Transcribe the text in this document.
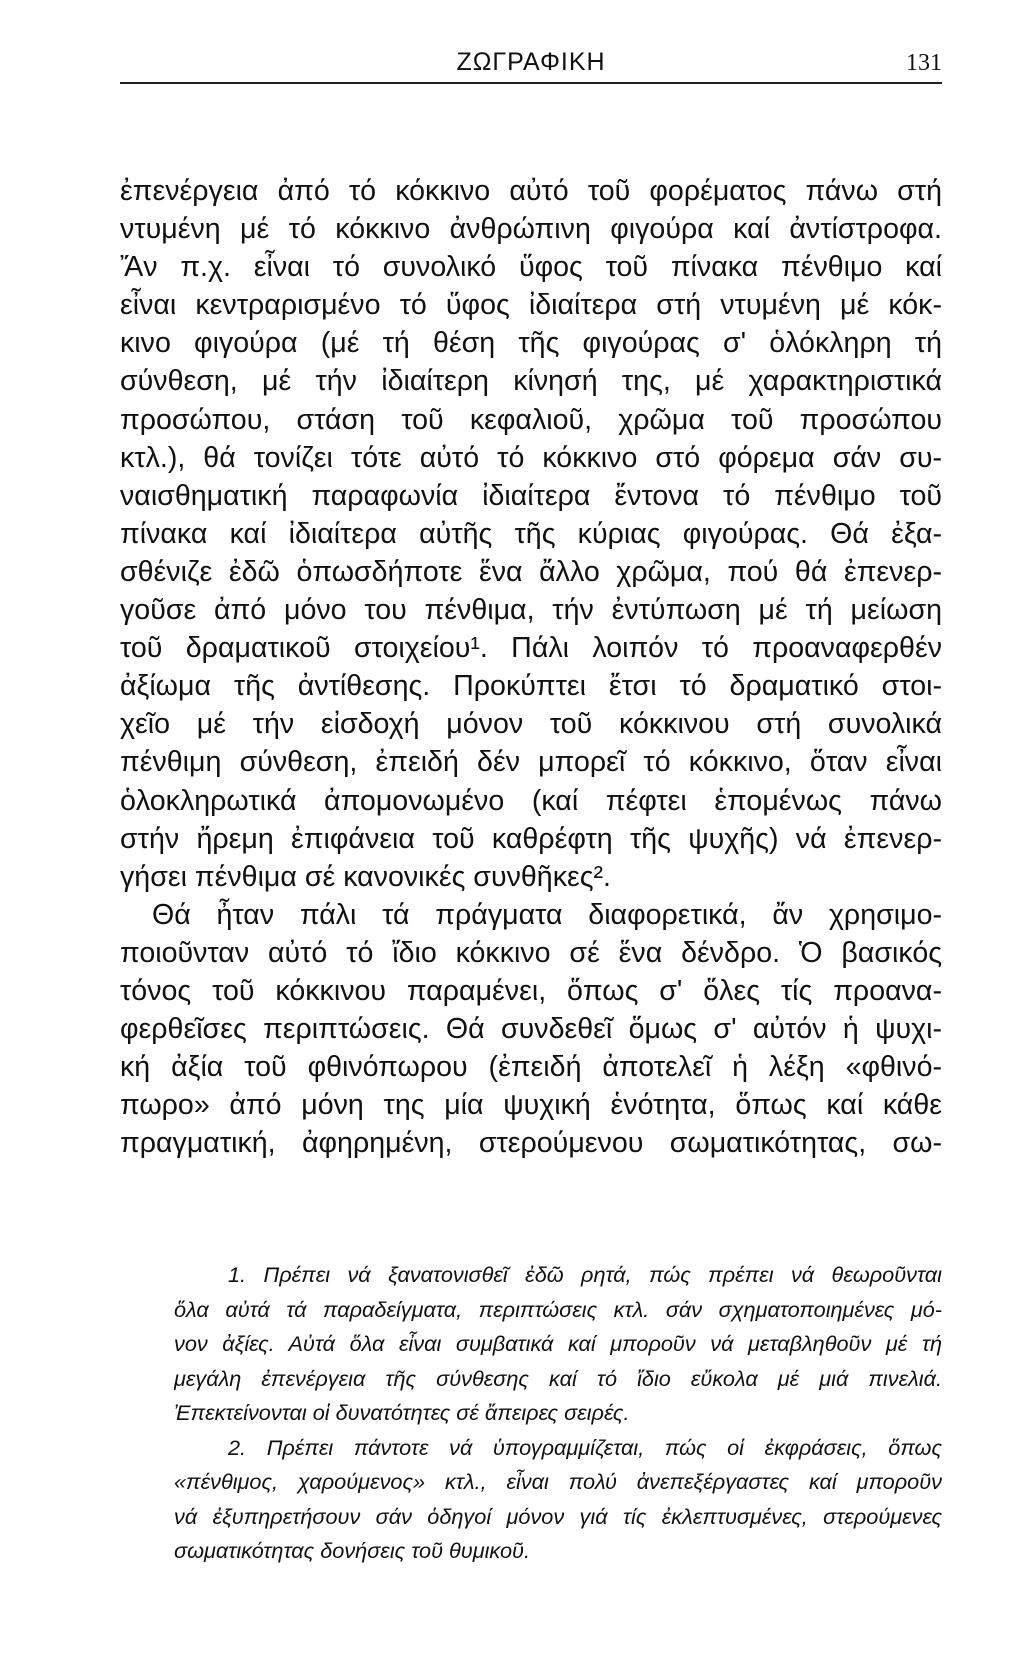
ΖΩΓΡΑΦΙΚΗ	131
ἐπενέργεια ἀπό τό κόκκινο αὐτό τοῦ φορέματος πάνω στή
ντυμένη μέ τό κόκκινο ἀνθρώπινη φιγούρα καί ἀντίστροφα.
Ἄν π.χ. εἶναι τό συνολικό ὕφος τοῦ πίνακα πένθιμο καί
εἶναι κεντραρισμένο τό ὕφος ἰδιαίτερα στή ντυμένη μέ κόκ-
κινο φιγούρα (μέ τή θέση τῆς φιγούρας σ' ὁλόκληρη τή
σύνθεση, μέ τήν ἰδιαίτερη κίνησή της, μέ χαρακτηριστικά
προσώπου, στάση τοῦ κεφαλιοῦ, χρῶμα τοῦ προσώπου
κτλ.), θά τονίζει τότε αὐτό τό κόκκινο στό φόρεμα σάν συ-
ναισθηματική παραφωνία ἰδιαίτερα ἔντονα τό πένθιμο τοῦ
πίνακα καί ἰδιαίτερα αὐτῆς τῆς κύριας φιγούρας. Θά ἐξα-
σθένιζε ἐδῶ ὁπωσδήποτε ἕνα ἄλλο χρῶμα, πού θά ἐπενερ-
γοῦσε ἀπό μόνο του πένθιμα, τήν ἐντύπωση μέ τή μείωση
τοῦ δραματικοῦ στοιχείου¹. Πάλι λοιπόν τό προαναφερθέν
ἀξίωμα τῆς ἀντίθεσης. Προκύπτει ἔτσι τό δραματικό στοι-
χεῖο μέ τήν εἰσδοχή μόνον τοῦ κόκκινου στή συνολικά
πένθιμη σύνθεση, ἐπειδή δέν μπορεῖ τό κόκκινο, ὅταν εἶναι
ὁλοκληρωτικά ἀπομονωμένο (καί πέφτει ἑπομένως πάνω
στήν ἤρεμη ἐπιφάνεια τοῦ καθρέφτη τῆς ψυχῆς) νά ἐπενερ-
γήσει πένθιμα σέ κανονικές συνθῆκες².
Θά ἦταν πάλι τά πράγματα διαφορετικά, ἄν χρησιμο-
ποιοῦνταν αὐτό τό ἴδιο κόκκινο σέ ἕνα δένδρο. Ὁ βασικός
τόνος τοῦ κόκκινου παραμένει, ὅπως σ' ὅλες τίς προανα-
φερθεῖσες περιπτώσεις. Θά συνδεθεῖ ὅμως σ' αὐτόν ἡ ψυχι-
κή ἀξία τοῦ φθινόπωρου (ἐπειδή ἀποτελεῖ ἡ λέξη «φθινό-
πωρο» ἀπό μόνη της μία ψυχική ἑνότητα, ὅπως καί κάθε
πραγματική, ἀφηρημένη, στερούμενου σωματικότητας, σω-
1. Πρέπει νά ξανατονισθεῖ ἐδῶ ρητά, πώς πρέπει νά θεωροῦνται
ὅλα αὐτά τά παραδείγματα, περιπτώσεις κτλ. σάν σχηματοποιημένες μό-
νον ἀξίες. Αὐτά ὅλα εἶναι συμβατικά καί μποροῦν νά μεταβληθοῦν μέ τή
μεγάλη ἐπενέργεια τῆς σύνθεσης καί τό ἴδιο εὔκολα μέ μιά πινελιά.
Ἐπεκτείνονται οἱ δυνατότητες σέ ἄπειρες σειρές.
2. Πρέπει πάντοτε νά ὑπογραμμίζεται, πώς οἱ ἐκφράσεις, ὅπως
«πένθιμος, χαρούμενος» κτλ., εἶναι πολύ ἀνεπεξέργαστες καί μποροῦν
νά ἐξυπηρετήσουν σάν ὁδηγοί μόνον γιά τίς ἐκλεπτυσμένες, στερούμενες
σωματικότητας δονήσεις τοῦ θυμικοῦ.
